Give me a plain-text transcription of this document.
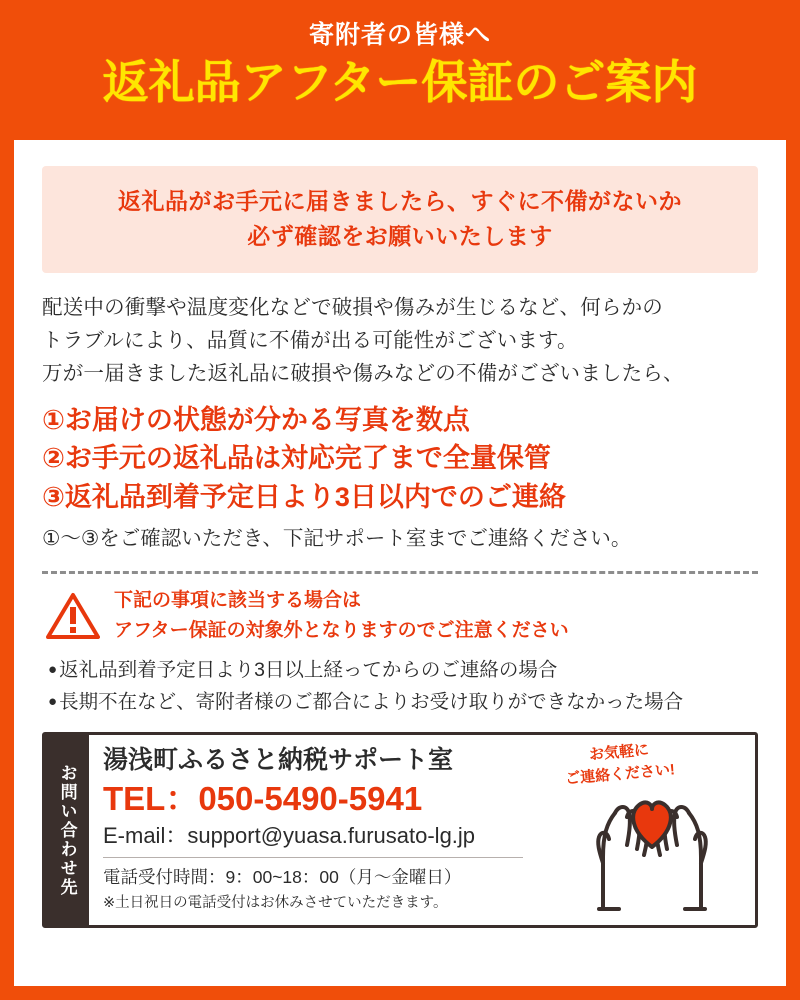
寄附者の皆様へ
返礼品アフター保証のご案内
返礼品がお手元に届きましたら、すぐに不備がないか
必ず確認をお願いいたします
配送中の衝撃や温度変化などで破損や傷みが生じるなど、何らかの
トラブルにより、品質に不備が出る可能性がございます。
万が一届きました返礼品に破損や傷みなどの不備がございましたら、
①お届けの状態が分かる写真を数点
②お手元の返礼品は対応完了まで全量保管
③返礼品到着予定日より3日以内でのご連絡
①～③をご確認いただき、下記サポート室までご連絡ください。
下記の事項に該当する場合は
アフター保証の対象外となりますのでご注意ください
● 返礼品到着予定日より3日以上経ってからのご連絡の場合
● 長期不在など、寄附者様のご都合によりお受け取りができなかった場合
お問い合わせ先
湯浅町ふるさと納税サポート室
TEL：050-5490-5941
E-mail：support@yuasa.furusato-lg.jp
電話受付時間：9：00~18：00（月～金曜日）
※土日祝日の電話受付はお休みさせていただきます。
お気軽に
ご連絡ください!
